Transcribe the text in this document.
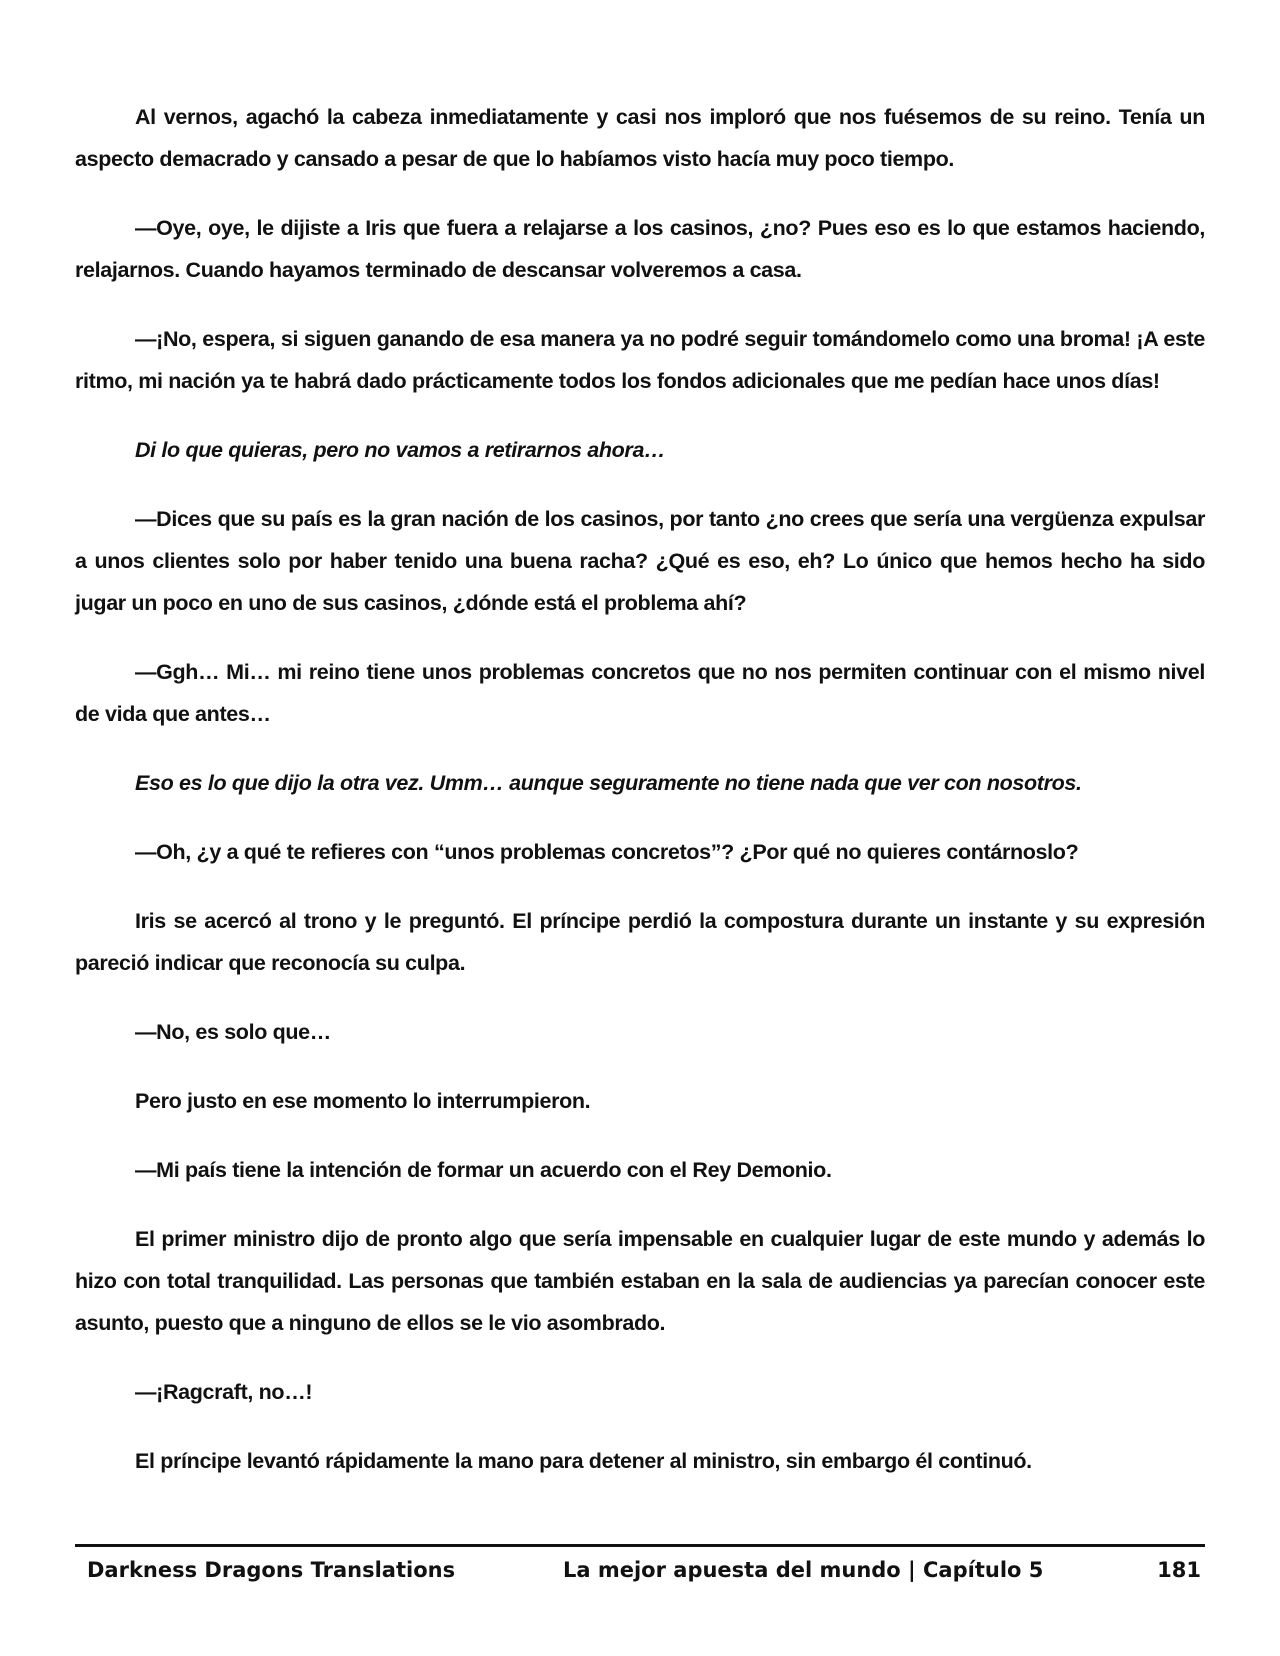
Al vernos, agachó la cabeza inmediatamente y casi nos imploró que nos fuésemos de su reino. Tenía un aspecto demacrado y cansado a pesar de que lo habíamos visto hacía muy poco tiempo.

—Oye, oye, le dijiste a Iris que fuera a relajarse a los casinos, ¿no? Pues eso es lo que estamos haciendo, relajarnos. Cuando hayamos terminado de descansar volveremos a casa.

—¡No, espera, si siguen ganando de esa manera ya no podré seguir tomándomelo como una broma! ¡A este ritmo, mi nación ya te habrá dado prácticamente todos los fondos adicionales que me pedían hace unos días!

Di lo que quieras, pero no vamos a retirarnos ahora…

—Dices que su país es la gran nación de los casinos, por tanto ¿no crees que sería una vergüenza expulsar a unos clientes solo por haber tenido una buena racha? ¿Qué es eso, eh? Lo único que hemos hecho ha sido jugar un poco en uno de sus casinos, ¿dónde está el problema ahí?

—Ggh… Mi… mi reino tiene unos problemas concretos que no nos permiten continuar con el mismo nivel de vida que antes…

Eso es lo que dijo la otra vez. Umm… aunque seguramente no tiene nada que ver con nosotros.

—Oh, ¿y a qué te refieres con “unos problemas concretos”? ¿Por qué no quieres contárnoslo?

Iris se acercó al trono y le preguntó. El príncipe perdió la compostura durante un instante y su expresión pareció indicar que reconocía su culpa.

—No, es solo que…

Pero justo en ese momento lo interrumpieron.

—Mi país tiene la intención de formar un acuerdo con el Rey Demonio.

El primer ministro dijo de pronto algo que sería impensable en cualquier lugar de este mundo y además lo hizo con total tranquilidad. Las personas que también estaban en la sala de audiencias ya parecían conocer este asunto, puesto que a ninguno de ellos se le vio asombrado.

—¡Ragcraft, no…!

El príncipe levantó rápidamente la mano para detener al ministro, sin embargo él continuó.

Darkness Dragons Translations	La mejor apuesta del mundo | Capítulo 5	181
